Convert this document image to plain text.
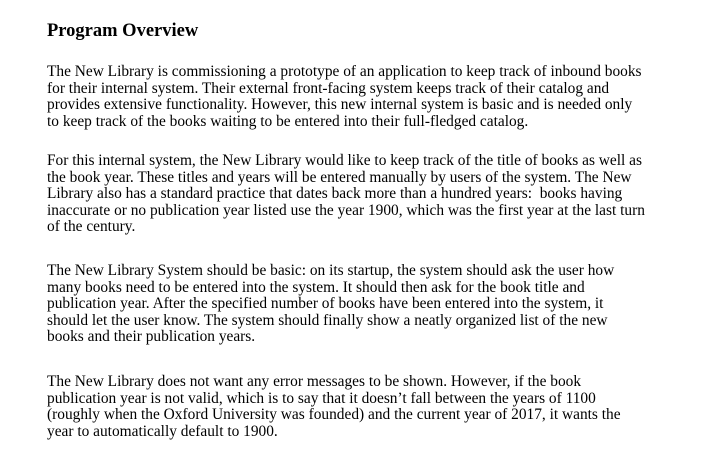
Program Overview

The New Library is commissioning a prototype of an application to keep track of inbound books
for their internal system. Their external front-facing system keeps track of their catalog and
provides extensive functionality. However, this new internal system is basic and is needed only
to keep track of the books waiting to be entered into their full-fledged catalog.

For this internal system, the New Library would like to keep track of the title of books as well as
the book year. These titles and years will be entered manually by users of the system. The New
Library also has a standard practice that dates back more than a hundred years:  books having
inaccurate or no publication year listed use the year 1900, which was the first year at the last turn
of the century.

The New Library System should be basic: on its startup, the system should ask the user how
many books need to be entered into the system. It should then ask for the book title and
publication year. After the specified number of books have been entered into the system, it
should let the user know. The system should finally show a neatly organized list of the new
books and their publication years.

The New Library does not want any error messages to be shown. However, if the book
publication year is not valid, which is to say that it doesn’t fall between the years of 1100
(roughly when the Oxford University was founded) and the current year of 2017, it wants the
year to automatically default to 1900.
